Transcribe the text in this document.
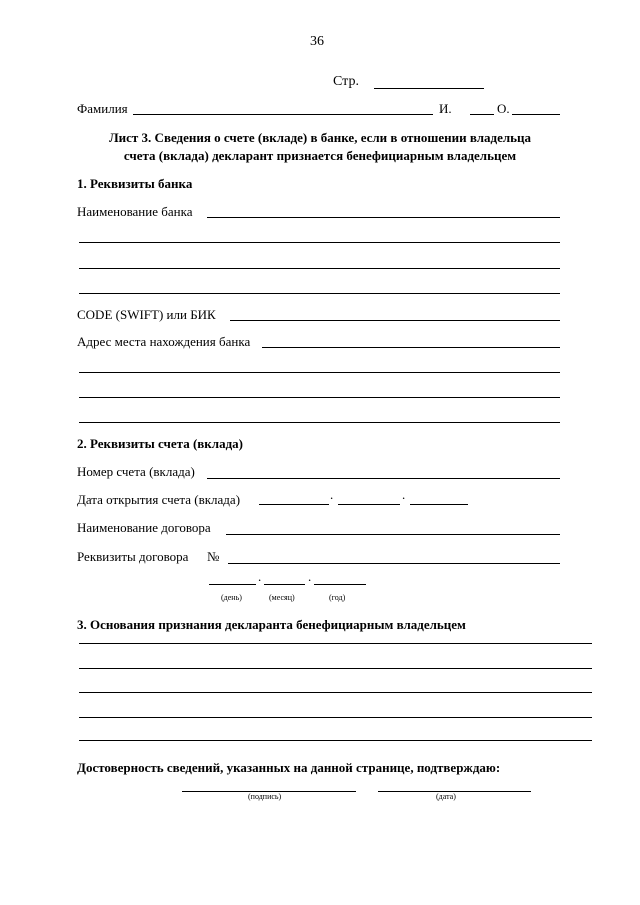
36
Стр.
Фамилия	И.	О.
Лист 3. Сведения о счете (вкладе) в банке, если в отношении владельца
счета (вклада) декларант признается бенефициарным владельцем
1. Реквизиты банка
Наименование банка
CODE (SWIFT) или БИК
Адрес места нахождения банка
2. Реквизиты счета (вклада)
Номер счета (вклада)
Дата открытия счета (вклада)	.	.
Наименование договора
Реквизиты договора №
.	.
(день)	(месяц)	(год)
3. Основания признания декларанта бенефициарным владельцем
Достоверность сведений, указанных на данной странице, подтверждаю:
(подпись)	(дата)
